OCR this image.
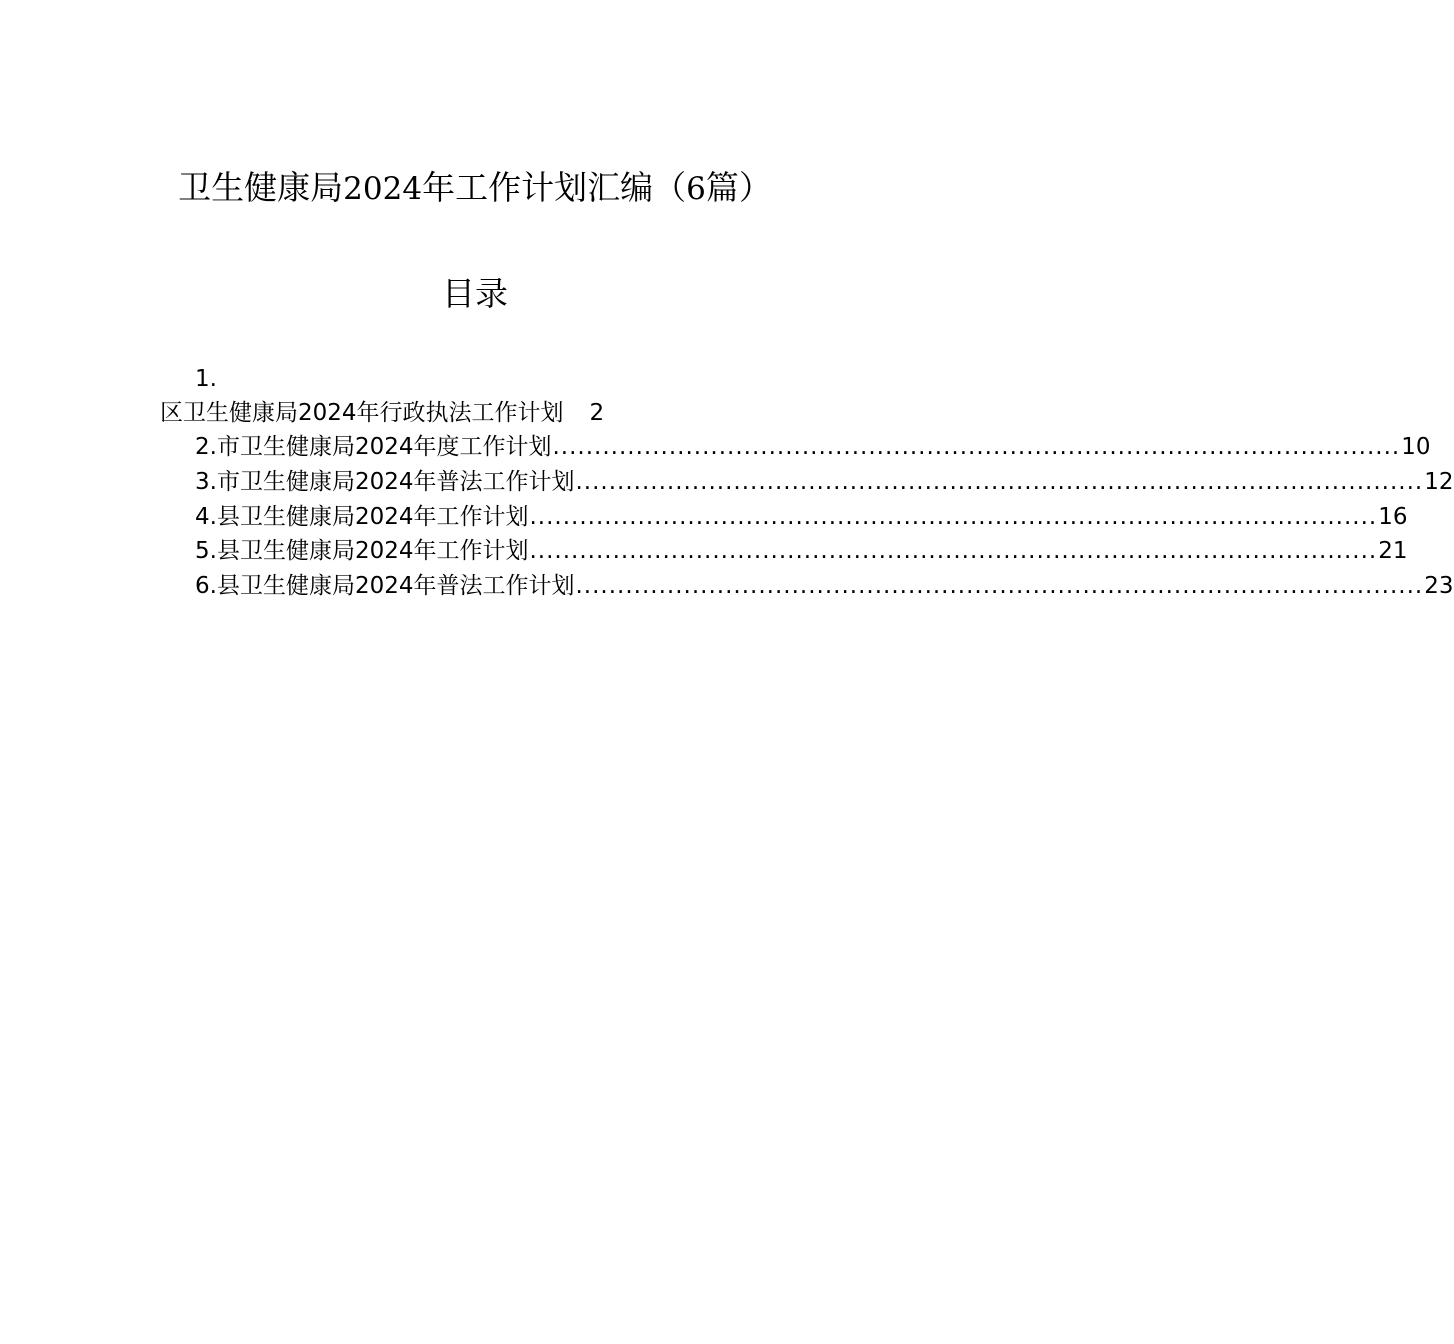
卫生健康局2024年工作计划汇编（6篇）
目录
1.
区卫生健康局2024年行政执法工作计划 2
2.市卫生健康局2024年度工作计划 ...................................................................................................... 10
3.市卫生健康局2024年普法工作计划 ...................................................................................................... 12
4.县卫生健康局2024年工作计划 ...................................................................................................... 16
5.县卫生健康局2024年工作计划 ...................................................................................................... 21
6.县卫生健康局2024年普法工作计划 ...................................................................................................... 23
